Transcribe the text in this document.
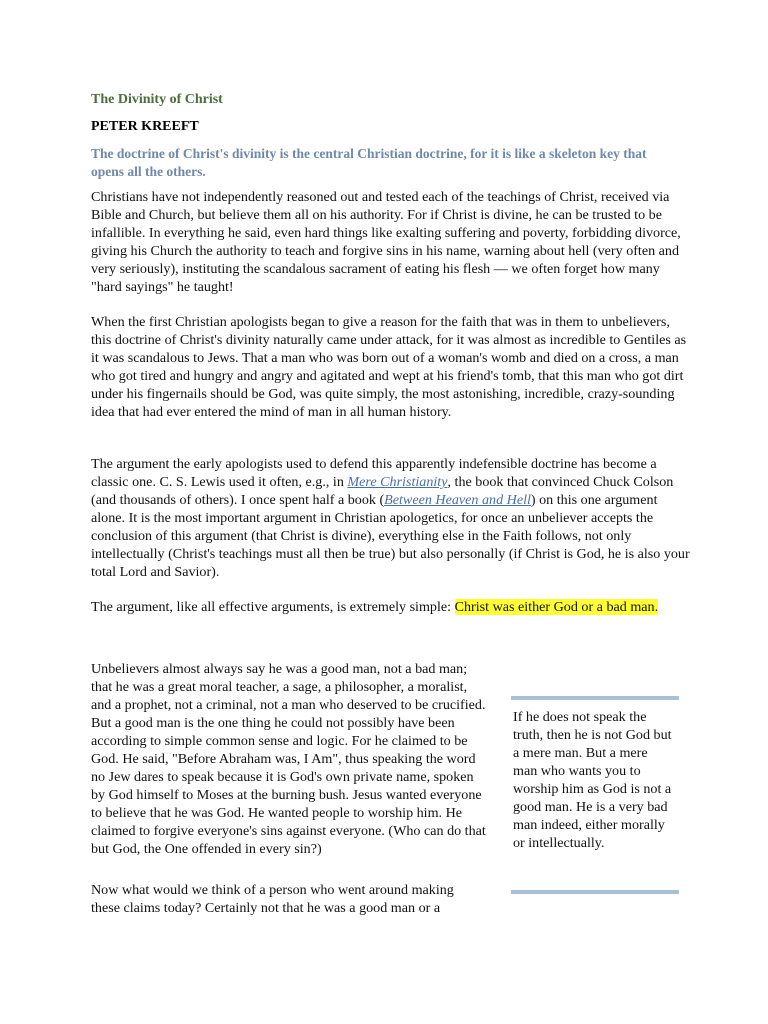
The Divinity of Christ
PETER KREEFT
The doctrine of Christ's divinity is the central Christian doctrine, for it is like a skeleton key that opens all the others.

Christians have not independently reasoned out and tested each of the teachings of Christ, received via Bible and Church, but believe them all on his authority. For if Christ is divine, he can be trusted to be infallible. In everything he said, even hard things like exalting suffering and poverty, forbidding divorce, giving his Church the authority to teach and forgive sins in his name, warning about hell (very often and very seriously), instituting the scandalous sacrament of eating his flesh — we often forget how many "hard sayings" he taught!

When the first Christian apologists began to give a reason for the faith that was in them to unbelievers, this doctrine of Christ's divinity naturally came under attack, for it was almost as incredible to Gentiles as it was scandalous to Jews. That a man who was born out of a woman's womb and died on a cross, a man who got tired and hungry and angry and agitated and wept at his friend's tomb, that this man who got dirt under his fingernails should be God, was quite simply, the most astonishing, incredible, crazy-sounding idea that had ever entered the mind of man in all human history.

The argument the early apologists used to defend this apparently indefensible doctrine has become a classic one. C. S. Lewis used it often, e.g., in Mere Christianity, the book that convinced Chuck Colson (and thousands of others). I once spent half a book (Between Heaven and Hell) on this one argument alone. It is the most important argument in Christian apologetics, for once an unbeliever accepts the conclusion of this argument (that Christ is divine), everything else in the Faith follows, not only intellectually (Christ's teachings must all then be true) but also personally (if Christ is God, he is also your total Lord and Savior).

The argument, like all effective arguments, is extremely simple: Christ was either God or a bad man.

Unbelievers almost always say he was a good man, not a bad man; that he was a great moral teacher, a sage, a philosopher, a moralist, and a prophet, not a criminal, not a man who deserved to be crucified. But a good man is the one thing he could not possibly have been according to simple common sense and logic. For he claimed to be God. He said, "Before Abraham was, I Am", thus speaking the word no Jew dares to speak because it is God's own private name, spoken by God himself to Moses at the burning bush. Jesus wanted everyone to believe that he was God. He wanted people to worship him. He claimed to forgive everyone's sins against everyone. (Who can do that but God, the One offended in every sin?)

Now what would we think of a person who went around making these claims today? Certainly not that he was a good man or a

If he does not speak the truth, then he is not God but a mere man. But a mere man who wants you to worship him as God is not a good man. He is a very bad man indeed, either morally or intellectually.
